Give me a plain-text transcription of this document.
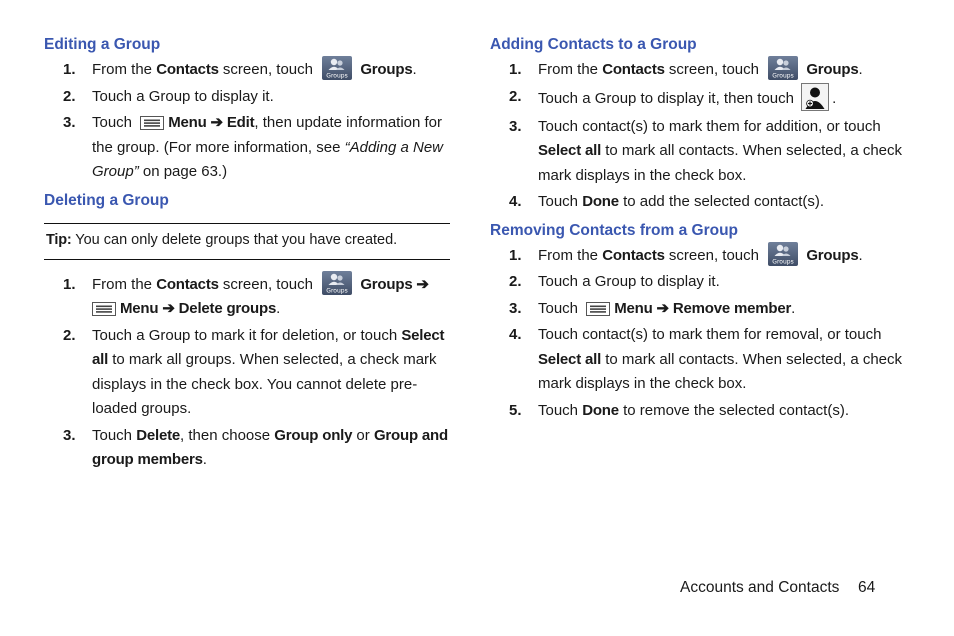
Editing a Group
1. From the Contacts screen, touch Groups Groups.
2. Touch a Group to display it.
3. Touch Menu ➔ Edit, then update information for the group. (For more information, see “Adding a New Group” on page 63.)
Deleting a Group
Tip: You can only delete groups that you have created.
1. From the Contacts screen, touch Groups Groups ➔
Menu ➔ Delete groups.
2. Touch a Group to mark it for deletion, or touch Select all to mark all groups. When selected, a check mark displays in the check box. You cannot delete pre-loaded groups.
3. Touch Delete, then choose Group only or Group and group members.
Adding Contacts to a Group
1. From the Contacts screen, touch Groups Groups.
2. Touch a Group to display it, then touch .
3. Touch contact(s) to mark them for addition, or touch Select all to mark all contacts. When selected, a check mark displays in the check box.
4. Touch Done to add the selected contact(s).
Removing Contacts from a Group
1. From the Contacts screen, touch Groups Groups.
2. Touch a Group to display it.
3. Touch Menu ➔ Remove member.
4. Touch contact(s) to mark them for removal, or touch Select all to mark all contacts. When selected, a check mark displays in the check box.
5. Touch Done to remove the selected contact(s).
Accounts and Contacts 64
